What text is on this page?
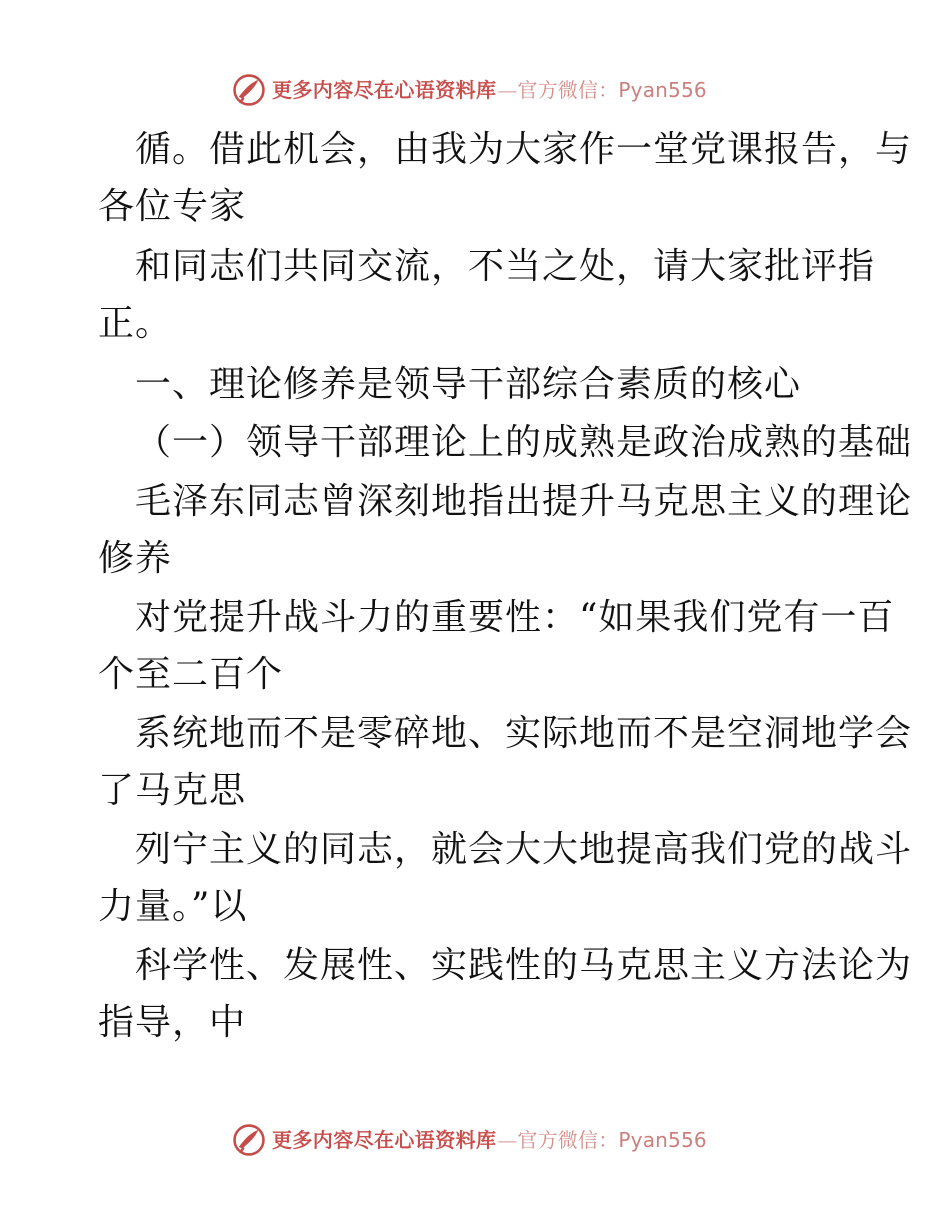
更多内容尽在心语资料库 — 官方微信： Pyan556
循。借此机会，由我为大家作一堂党课报告，与
各位专家
和同志们共同交流，不当之处，请大家批评指
正。
一、理论修养是领导干部综合素质的核心
（一）领导干部理论上的成熟是政治成熟的基础
毛泽东同志曾深刻地指出提升马克思主义的理论
修养
对党提升战斗力的重要性：“如果我们党有一百
个至二百个
系统地而不是零碎地、实际地而不是空洞地学会
了马克思
列宁主义的同志，就会大大地提高我们党的战斗
力量。”以
科学性、发展性、实践性的马克思主义方法论为
指导，中
更多内容尽在心语资料库 — 官方微信： Pyan556
